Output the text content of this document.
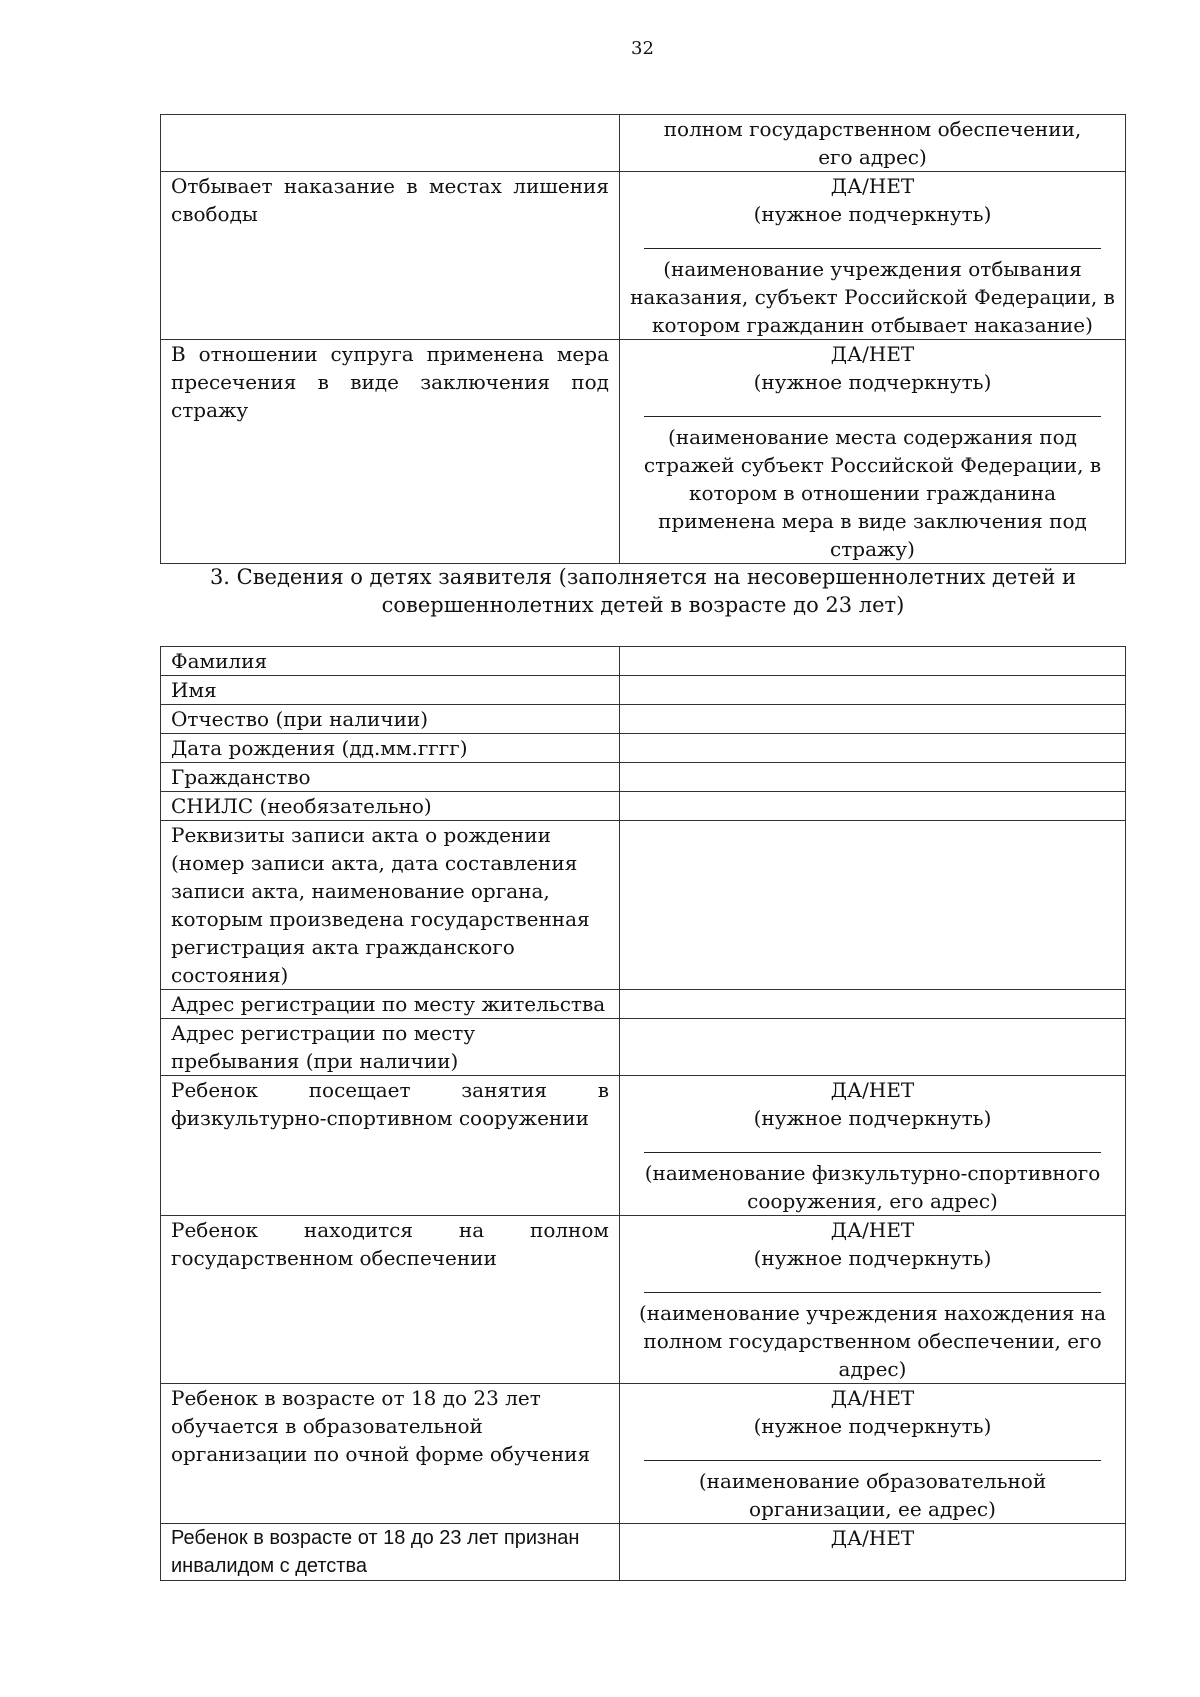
32

	полном государственном обеспечении,
его адрес)

Отбывает наказание в местах лишения свободы	ДА/НЕТ
(нужное подчеркнуть)
(наименование учреждения отбывания наказания, субъект Российской Федерации, в котором гражданин отбывает наказание)

В отношении супруга применена мера пресечения в виде заключения под стражу	ДА/НЕТ
(нужное подчеркнуть)
(наименование места содержания под стражей субъект Российской Федерации, в котором в отношении гражданина применена мера в виде заключения под стражу)
3. Сведения о детях заявителя (заполняется на несовершеннолетних детей и совершеннолетних детей в возрасте до 23 лет)
Фамилия	
Имя	
Отчество (при наличии)	
Дата рождения (дд.мм.гггг)	
Гражданство	
СНИЛС (необязательно)	
Реквизиты записи акта о рождении (номер записи акта, дата составления записи акта, наименование органа, которым произведена государственная регистрация акта гражданского состояния)	
Адрес регистрации по месту жительства	
Адрес регистрации по месту пребывания (при наличии)	
Ребенок посещает занятия в физкультурно-спортивном сооружении	ДА/НЕТ
(нужное подчеркнуть)
(наименование физкультурно-спортивного сооружения, его адрес)

Ребенок находится на полном государственном обеспечении	ДА/НЕТ
(нужное подчеркнуть)
(наименование учреждения нахождения на полном государственном обеспечении, его адрес)

Ребенок в возрасте от 18 до 23 лет обучается в образовательной организации по очной форме обучения	ДА/НЕТ
(нужное подчеркнуть)
(наименование образовательной организации, ее адрес)

Ребенок в возрасте от 18 до 23 лет признан инвалидом с детства	ДА/НЕТ
